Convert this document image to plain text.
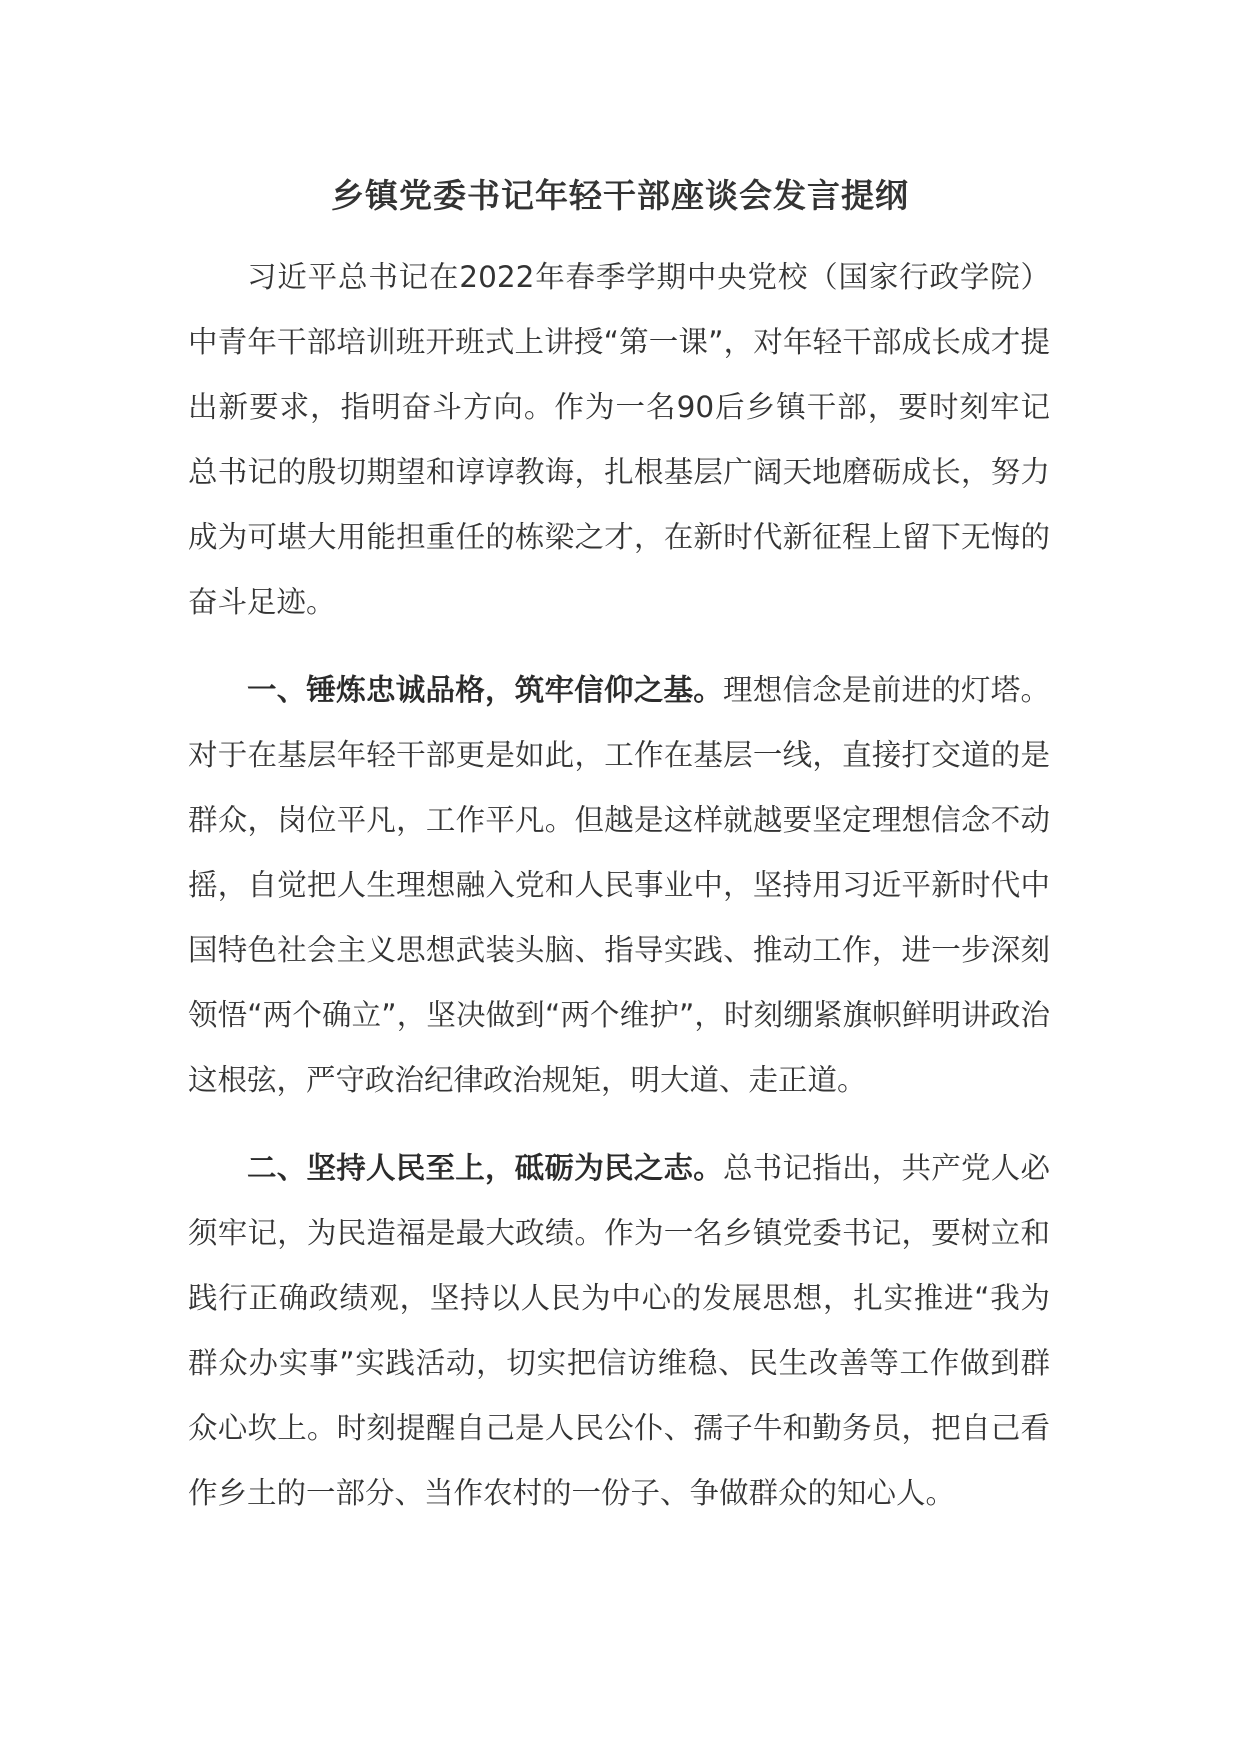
乡镇党委书记年轻干部座谈会发言提纲

习近平总书记在2022年春季学期中央党校（国家行政学院）中青年干部培训班开班式上讲授“第一课”，对年轻干部成长成才提出新要求，指明奋斗方向。作为一名90后乡镇干部，要时刻牢记总书记的殷切期望和谆谆教诲，扎根基层广阔天地磨砺成长，努力成为可堪大用能担重任的栋梁之才，在新时代新征程上留下无悔的奋斗足迹。

一、锤炼忠诚品格，筑牢信仰之基。理想信念是前进的灯塔。对于在基层年轻干部更是如此，工作在基层一线，直接打交道的是群众，岗位平凡，工作平凡。但越是这样就越要坚定理想信念不动摇，自觉把人生理想融入党和人民事业中，坚持用习近平新时代中国特色社会主义思想武装头脑、指导实践、推动工作，进一步深刻领悟“两个确立”，坚决做到“两个维护”，时刻绷紧旗帜鲜明讲政治这根弦，严守政治纪律政治规矩，明大道、走正道。

二、坚持人民至上，砥砺为民之志。总书记指出，共产党人必须牢记，为民造福是最大政绩。作为一名乡镇党委书记，要树立和践行正确政绩观，坚持以人民为中心的发展思想，扎实推进“我为群众办实事”实践活动，切实把信访维稳、民生改善等工作做到群众心坎上。时刻提醒自己是人民公仆、孺子牛和勤务员，把自己看作乡土的一部分、当作农村的一份子、争做群众的知心人。
